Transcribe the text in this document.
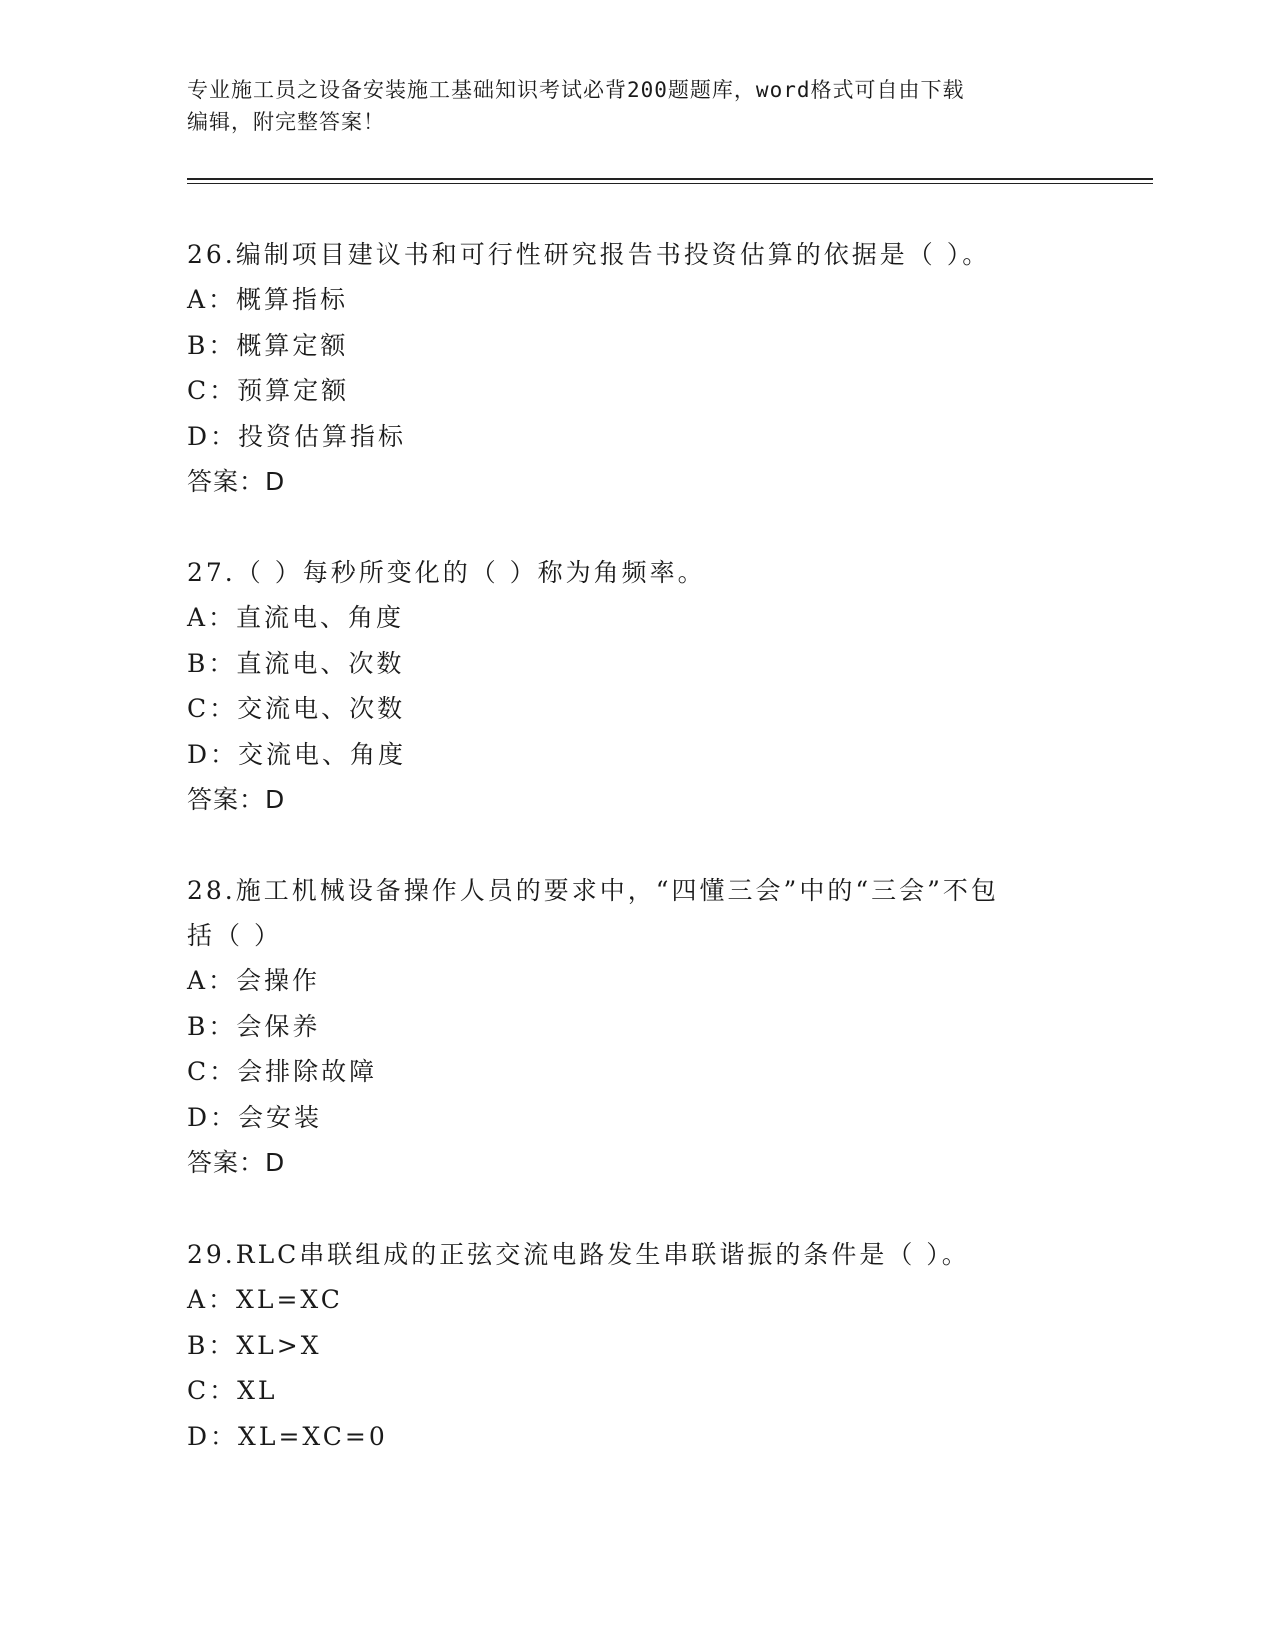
专业施工员之设备安装施工基础知识考试必背200题题库，word格式可自由下载
编辑，附完整答案！
26.编制项目建议书和可行性研究报告书投资估算的依据是（ ）。
A：概算指标
B：概算定额
C：预算定额
D：投资估算指标
答案：D
27.（ ）每秒所变化的（ ）称为角频率。
A：直流电、角度
B：直流电、次数
C：交流电、次数
D：交流电、角度
答案：D
28.施工机械设备操作人员的要求中，“四懂三会”中的“三会”不包
括（ ）
A：会操作
B：会保养
C：会排除故障
D：会安装
答案：D
29.RLC串联组成的正弦交流电路发生串联谐振的条件是（ ）。
A：XL=XC
B：XL>X
C：XL
D：XL=XC=0
